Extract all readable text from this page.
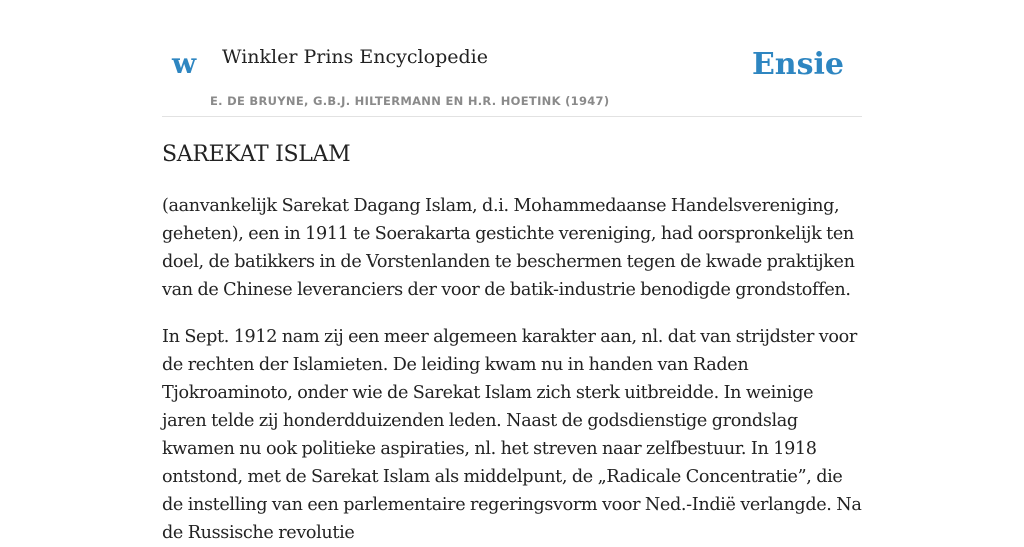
w Winkler Prins Encyclopedie
E. DE BRUYNE, G.B.J. HILTERMANN EN H.R. HOETINK (1947)
Ensie
SAREKAT ISLAM

(aanvankelijk Sarekat Dagang Islam, d.i. Mohammedaanse Handelsvereniging, geheten), een in 1911 te Soerakarta gestichte vereniging, had oorspronkelijk ten doel, de batikkers in de Vorstenlanden te beschermen tegen de kwade praktijken van de Chinese leveranciers der voor de batik-industrie benodigde grondstoffen.

In Sept. 1912 nam zij een meer algemeen karakter aan, nl. dat van strijdster voor de rechten der Islamieten. De leiding kwam nu in handen van Raden Tjokroaminoto, onder wie de Sarekat Islam zich sterk uitbreidde. In weinige jaren telde zij honderdduizenden leden. Naast de godsdienstige grondslag kwamen nu ook politieke aspiraties, nl. het streven naar zelfbestuur. In 1918 ontstond, met de Sarekat Islam als middelpunt, de „Radicale Concentratie”, die de instelling van een parlementaire regeringsvorm voor Ned.-Indië verlangde. Na de Russische revolutie
